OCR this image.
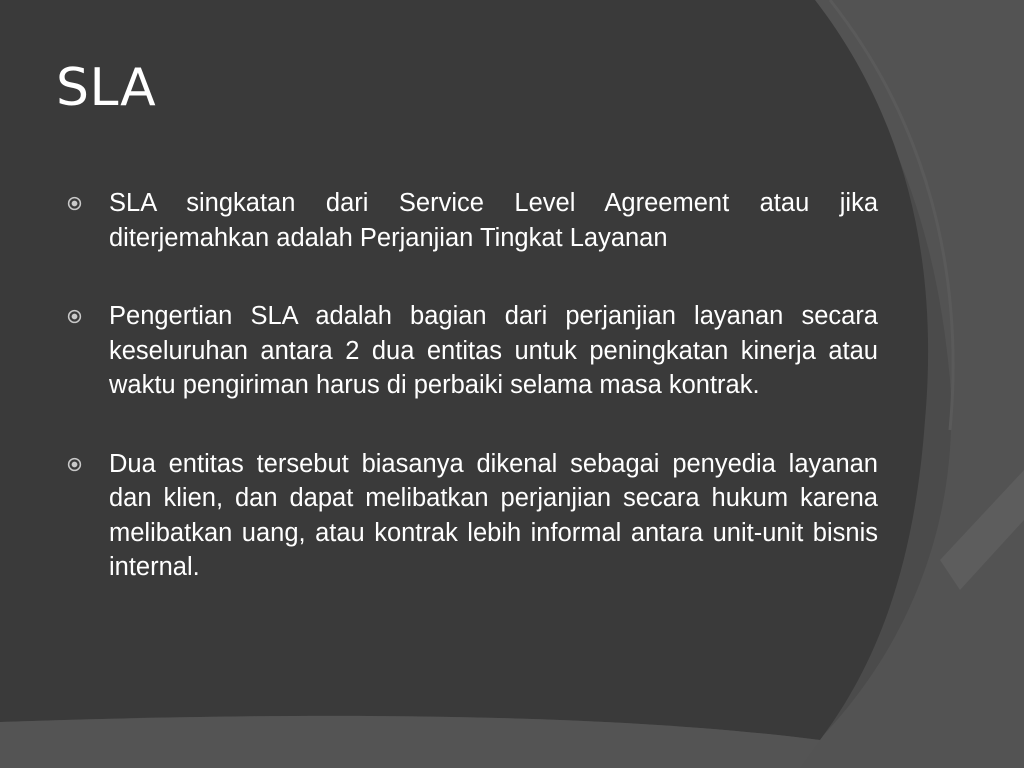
SLA
SLA singkatan dari Service Level Agreement atau jika diterjemahkan adalah Perjanjian Tingkat Layanan
Pengertian SLA adalah bagian dari perjanjian layanan secara keseluruhan antara 2 dua entitas untuk peningkatan kinerja atau waktu pengiriman harus di perbaiki selama masa kontrak.
Dua entitas tersebut biasanya dikenal sebagai penyedia layanan dan klien, dan dapat melibatkan perjanjian secara hukum karena melibatkan uang, atau kontrak lebih informal antara unit-unit bisnis internal.
